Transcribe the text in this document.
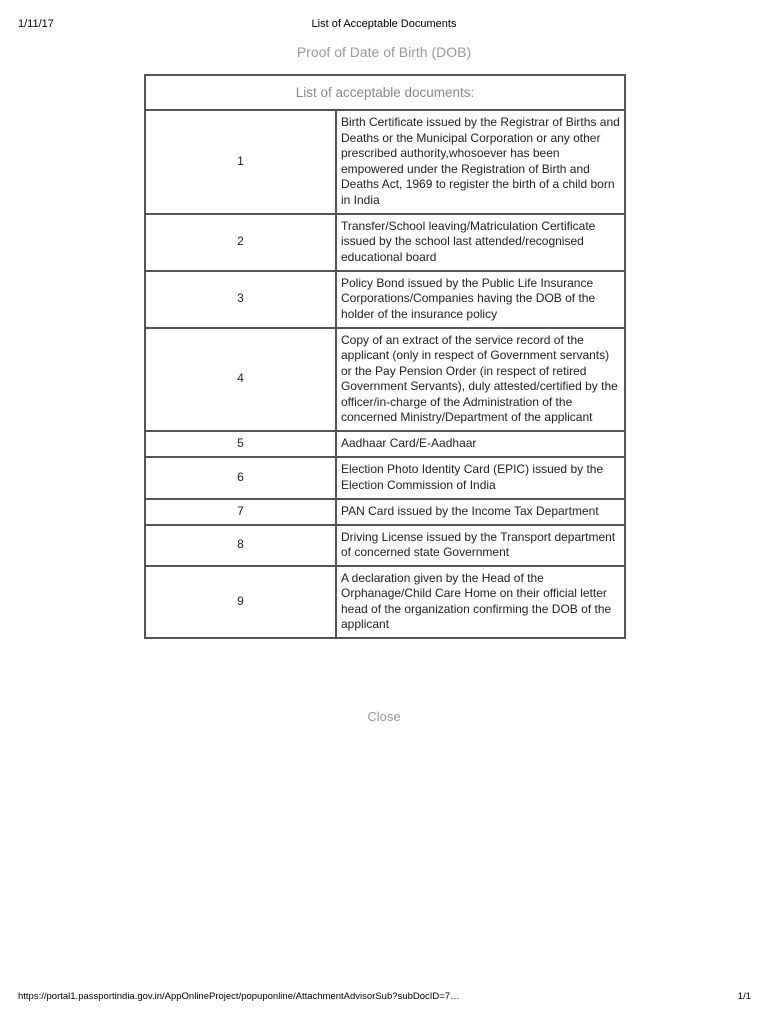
1/11/17	List of Acceptable Documents
Proof of Date of Birth (DOB)
List of acceptable documents:	
1	Birth Certificate issued by the Registrar of Births and Deaths or the Municipal Corporation or any other prescribed authority,whosoever has been empowered under the Registration of Birth and Deaths Act, 1969 to register the birth of a child born in India
2	Transfer/School leaving/Matriculation Certificate issued by the school last attended/recognised educational board
3	Policy Bond issued by the Public Life Insurance Corporations/Companies having the DOB of the holder of the insurance policy
4	Copy of an extract of the service record of the applicant (only in respect of Government servants) or the Pay Pension Order (in respect of retired Government Servants), duly attested/certified by the officer/in-charge of the Administration of the concerned Ministry/Department of the applicant
5	Aadhaar Card/E-Aadhaar
6	Election Photo Identity Card (EPIC) issued by the Election Commission of India
7	PAN Card issued by the Income Tax Department
8	Driving License issued by the Transport department of concerned state Government
9	A declaration given by the Head of the Orphanage/Child Care Home on their official letter head of the organization confirming the DOB of the applicant
Close
https://portal1.passportindia.gov.in/AppOnlineProject/popuponline/AttachmentAdvisorSub?subDocID=7…	1/1
